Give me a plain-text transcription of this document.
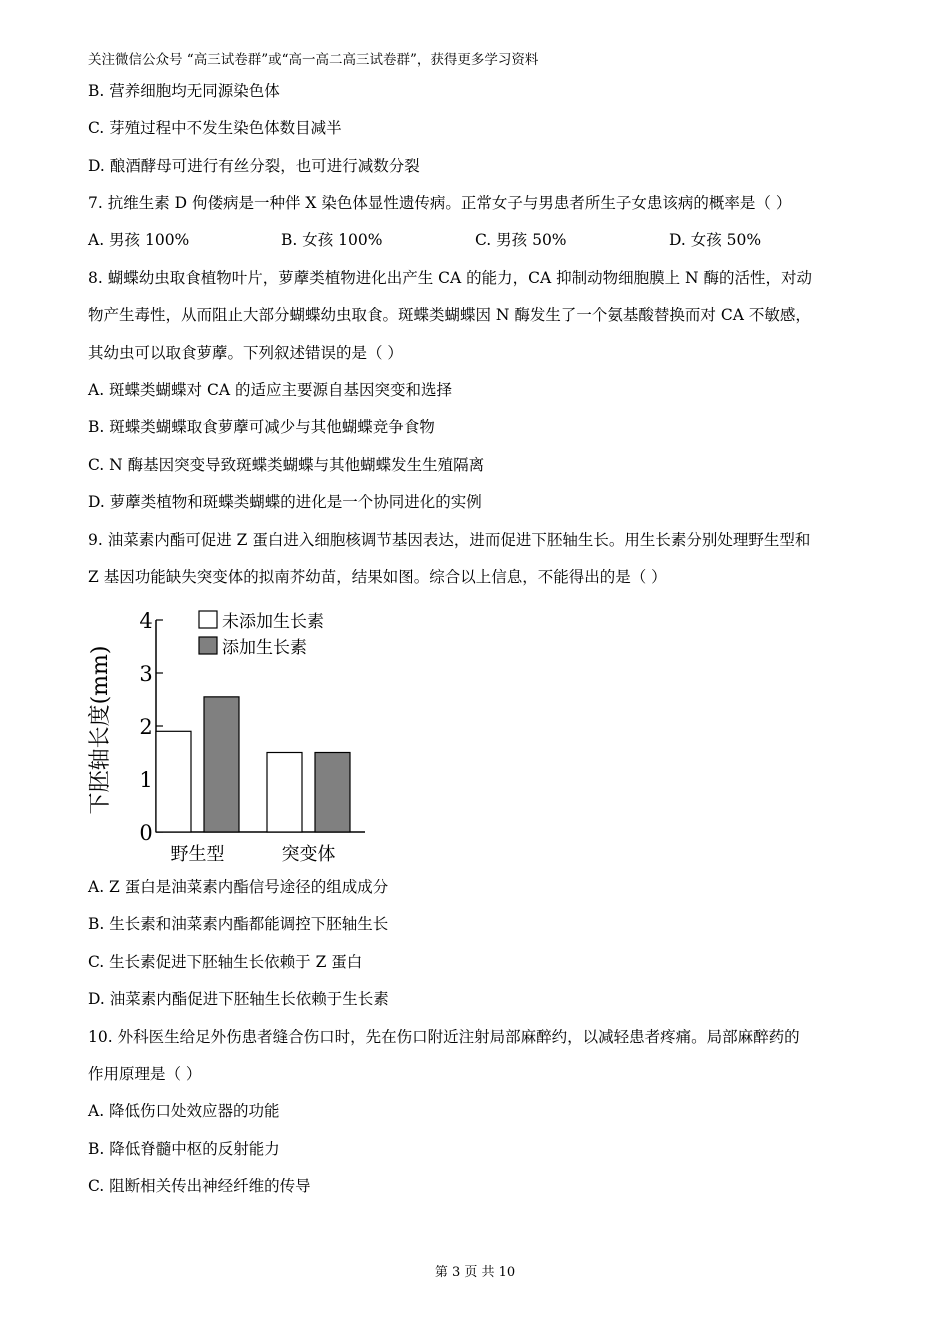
关注微信公众号 “高三试卷群”或“高一高二高三试卷群”，获得更多学习资料
B. 营养细胞均无同源染色体
C. 芽殖过程中不发生染色体数目减半
D. 酿酒酵母可进行有丝分裂，也可进行减数分裂
7. 抗维生素 D 佝偻病是一种伴 X 染色体显性遗传病。正常女子与男患者所生子女患该病的概率是（ ）
A. 男孩 100%	B. 女孩 100%	C. 男孩 50%	D. 女孩 50%
8. 蝴蝶幼虫取食植物叶片，萝藦类植物进化出产生 CA 的能力，CA 抑制动物细胞膜上 N 酶的活性，对动
物产生毒性，从而阻止大部分蝴蝶幼虫取食。斑蝶类蝴蝶因 N 酶发生了一个氨基酸替换而对 CA 不敏感，
其幼虫可以取食萝藦。下列叙述错误的是（ ）
A. 斑蝶类蝴蝶对 CA 的适应主要源自基因突变和选择
B. 斑蝶类蝴蝶取食萝藦可减少与其他蝴蝶竞争食物
C. N 酶基因突变导致斑蝶类蝴蝶与其他蝴蝶发生生殖隔离
D. 萝藦类植物和斑蝶类蝴蝶的进化是一个协同进化的实例
9. 油菜素内酯可促进 Z 蛋白进入细胞核调节基因表达，进而促进下胚轴生长。用生长素分别处理野生型和
Z 基因功能缺失突变体的拟南芥幼苗，结果如图。综合以上信息，不能得出的是（ ）
下胚轴长度(mm)
0
1
2
3
4
野生型	突变体
未添加生长素
添加生长素
A. Z 蛋白是油菜素内酯信号途径的组成成分
B. 生长素和油菜素内酯都能调控下胚轴生长
C. 生长素促进下胚轴生长依赖于 Z 蛋白
D. 油菜素内酯促进下胚轴生长依赖于生长素
10. 外科医生给足外伤患者缝合伤口时，先在伤口附近注射局部麻醉约，以减轻患者疼痛。局部麻醉药的
作用原理是（ ）
A. 降低伤口处效应器的功能
B. 降低脊髓中枢的反射能力
C. 阻断相关传出神经纤维的传导
第 3 页 共 10
